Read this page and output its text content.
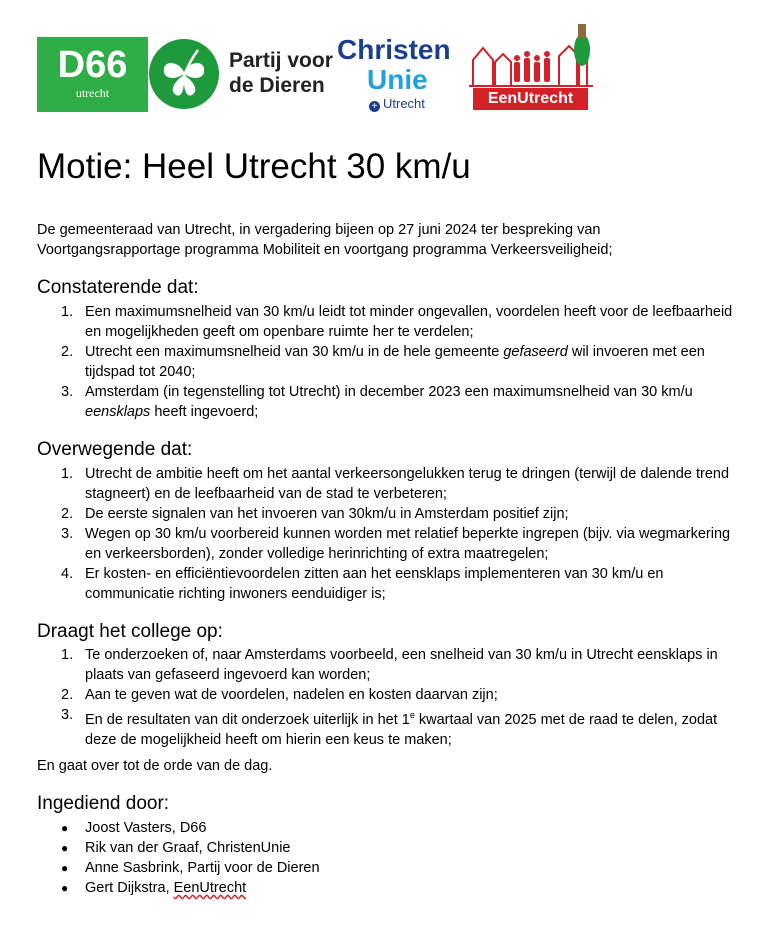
D66
utrecht
Partij voor
de Dieren
Christen
Unie
+ Utrecht	EenUtrecht
Motie: Heel Utrecht 30 km/u
De gemeenteraad van Utrecht, in vergadering bijeen op 27 juni 2024 ter bespreking van Voortgangsrapportage programma Mobiliteit en voortgang programma Verkeersveiligheid;
Constaterende dat:
1. Een maximumsnelheid van 30 km/u leidt tot minder ongevallen, voordelen heeft voor de leefbaarheid en mogelijkheden geeft om openbare ruimte her te verdelen;
2. Utrecht een maximumsnelheid van 30 km/u in de hele gemeente gefaseerd wil invoeren met een tijdspad tot 2040;
3. Amsterdam (in tegenstelling tot Utrecht) in december 2023 een maximumsnelheid van 30 km/u eensklaps heeft ingevoerd;
Overwegende dat:
1. Utrecht de ambitie heeft om het aantal verkeersongelukken terug te dringen (terwijl de dalende trend stagneert) en de leefbaarheid van de stad te verbeteren;
2. De eerste signalen van het invoeren van 30km/u in Amsterdam positief zijn;
3. Wegen op 30 km/u voorbereid kunnen worden met relatief beperkte ingrepen (bijv. via wegmarkering en verkeersborden), zonder volledige herinrichting of extra maatregelen;
4. Er kosten- en efficiëntievoordelen zitten aan het eensklaps implementeren van 30 km/u en communicatie richting inwoners eenduidiger is;
Draagt het college op:
1. Te onderzoeken of, naar Amsterdams voorbeeld, een snelheid van 30 km/u in Utrecht eensklaps in plaats van gefaseerd ingevoerd kan worden;
2. Aan te geven wat de voordelen, nadelen en kosten daarvan zijn;
3. En de resultaten van dit onderzoek uiterlijk in het 1e kwartaal van 2025 met de raad te delen, zodat deze de mogelijkheid heeft om hierin een keus te maken;
En gaat over tot de orde van de dag.
Ingediend door:
● Joost Vasters, D66
● Rik van der Graaf, ChristenUnie
● Anne Sasbrink, Partij voor de Dieren
● Gert Dijkstra, EenUtrecht
